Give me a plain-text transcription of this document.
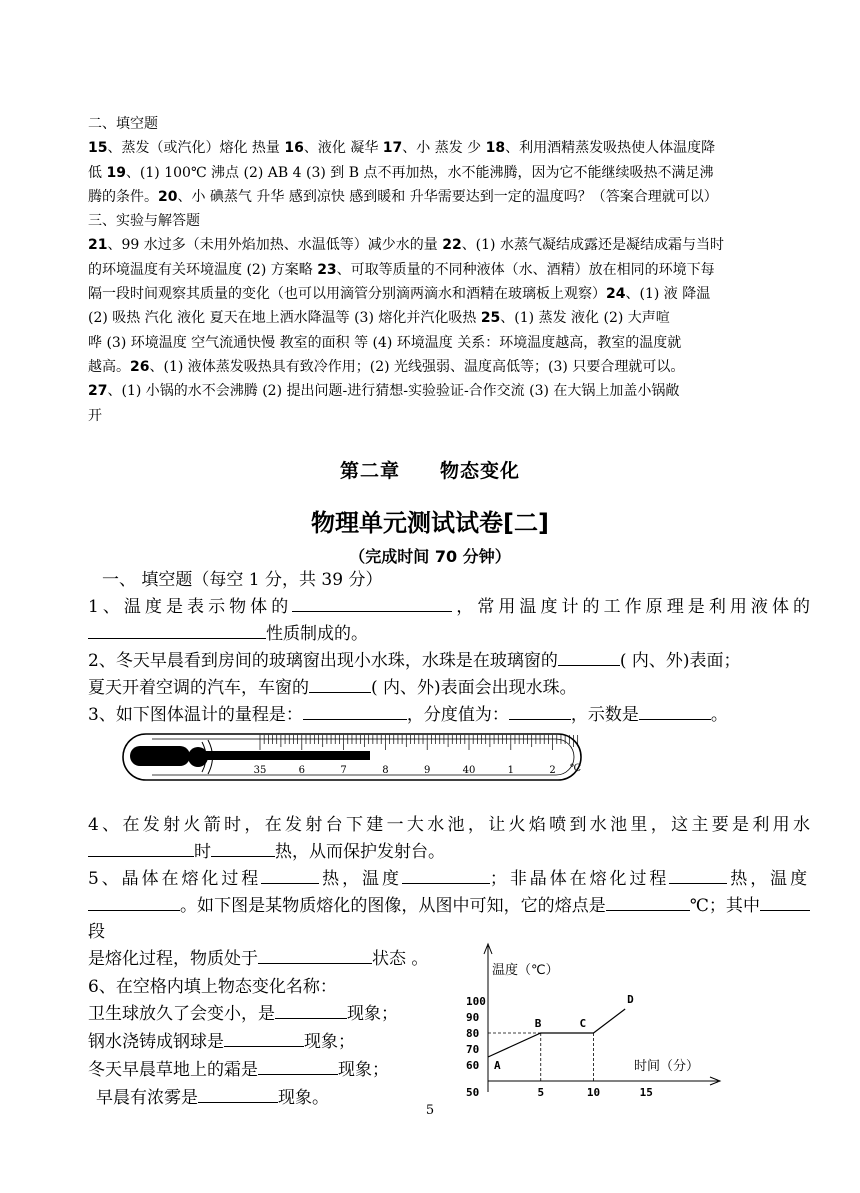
二、填空题

15、蒸发（或汽化）熔化 热量 16、液化 凝华 17、小 蒸发 少 18、利用酒精蒸发吸热使人体温度降

低 19、(1) 100℃ 沸点 (2) AB 4 (3) 到 B 点不再加热，水不能沸腾，因为它不能继续吸热不满足沸

腾的条件。20、小 碘蒸气 升华 感到凉快 感到暖和 升华需要达到一定的温度吗？（答案合理就可以）

三、实验与解答题

21、99 水过多（未用外焰加热、水温低等）减少水的量 22、(1) 水蒸气凝结成露还是凝结成霜与当时

的环境温度有关环境温度 (2) 方案略 23、可取等质量的不同种液体（水、酒精）放在相同的环境下每

隔一段时间观察其质量的变化（也可以用滴管分别滴两滴水和酒精在玻璃板上观察）24、(1) 液 降温

(2) 吸热 汽化 液化 夏天在地上洒水降温等 (3) 熔化并汽化吸热 25、(1) 蒸发 液化 (2) 大声喧

哗 (3) 环境温度 空气流通快慢 教室的面积 等 (4) 环境温度 关系：环境温度越高，教室的温度就

越高。26、(1) 液体蒸发吸热具有致冷作用；(2) 光线强弱、温度高低等；(3) 只要合理就可以。

27、(1) 小锅的水不会沸腾 (2) 提出问题-进行猜想-实验验证-合作交流 (3) 在大锅上加盖小锅敞

开

第二章 物态变化
物理单元测试试卷[二]
（完成时间 70 分钟）

一、 填空题（每空 1 分，共 39 分）

1、温度是表示物体的	，常用温度计的工作原理是利用液体的

性质制成的。

2、冬天早晨看到房间的玻璃窗出现小水珠，水珠是在玻璃窗的	( 内、外)表面；

夏天开着空调的汽车，车窗的	( 内、外)表面会出现水珠。

3、如下图体温计的量程是：	，分度值为：	，示数是	。

35	6	7	8	9	40	1	2 ℃

4、在发射火箭时，在发射台下建一大水池，让火焰喷到水池里，这主要是利用水

时	热，从而保护发射台。

5、晶体在熔化过程	热，温度	；非晶体在熔化过程	热，温度

。如下图是某物质熔化的图像，从图中可知，它的熔点是	℃；其中段

是熔化过程，物质处于	状态 。

6、在空格内填上物态变化名称：

卫生球放久了会变小，是	现象；

钢水浇铸成钢球是	现象；

冬天早晨草地上的霜是	现象；

早晨有浓雾是	现象。

温度（℃）
时间（分）
100
90
80
70
60
50	5	10	15
A
B	C
D
5
